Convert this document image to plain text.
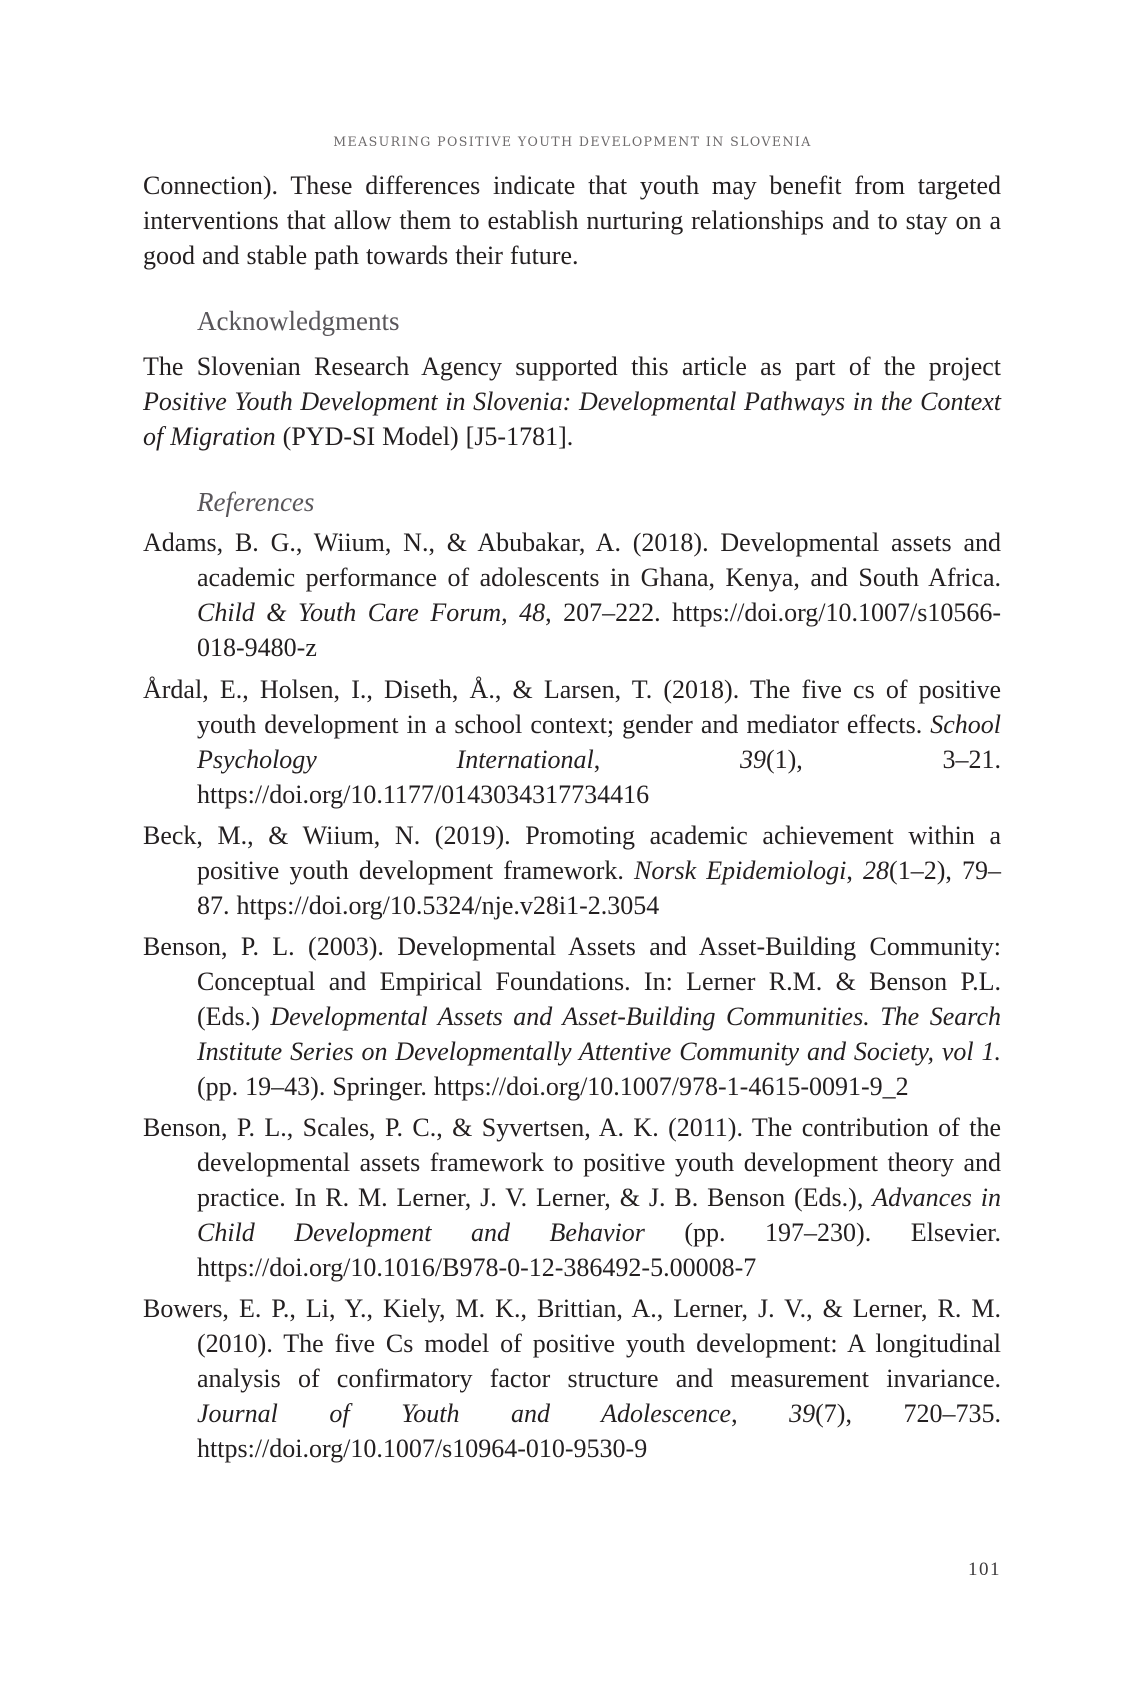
MEASURING POSITIVE YOUTH DEVELOPMENT IN SLOVENIA

Connection). These differences indicate that youth may benefit from targeted interventions that allow them to establish nurturing relationships and to stay on a good and stable path towards their future.

Acknowledgments

The Slovenian Research Agency supported this article as part of the project Positive Youth Development in Slovenia: Developmental Pathways in the Context of Migration (PYD-SI Model) [J5-1781].

References

Adams, B. G., Wiium, N., & Abubakar, A. (2018). Developmental assets and academic performance of adolescents in Ghana, Kenya, and South Africa. Child & Youth Care Forum, 48, 207–222. https://doi.org/10.1007/s10566-018-9480-z

Årdal, E., Holsen, I., Diseth, Å., & Larsen, T. (2018). The five cs of positive youth development in a school context; gender and mediator effects. School Psychology International, 39(1), 3–21. https://doi.org/10.1177/0143034317734416

Beck, M., & Wiium, N. (2019). Promoting academic achievement within a positive youth development framework. Norsk Epidemiologi, 28(1–2), 79–87. https://doi.org/10.5324/nje.v28i1-2.3054

Benson, P. L. (2003). Developmental Assets and Asset-Building Community: Conceptual and Empirical Foundations. In: Lerner R.M. & Benson P.L. (Eds.) Developmental Assets and Asset-Building Communities. The Search Institute Series on Developmentally Attentive Community and Society, vol 1. (pp. 19–43). Springer. https://doi.org/10.1007/978-1-4615-0091-9_2

Benson, P. L., Scales, P. C., & Syvertsen, A. K. (2011). The contribution of the developmental assets framework to positive youth development theory and practice. In R. M. Lerner, J. V. Lerner, & J. B. Benson (Eds.), Advances in Child Development and Behavior (pp. 197–230). Elsevier. https://doi.org/10.1016/B978-0-12-386492-5.00008-7

Bowers, E. P., Li, Y., Kiely, M. K., Brittian, A., Lerner, J. V., & Lerner, R. M. (2010). The five Cs model of positive youth development: A longitudinal analysis of confirmatory factor structure and measurement invariance. Journal of Youth and Adolescence, 39(7), 720–735. https://doi.org/10.1007/s10964-010-9530-9

101
